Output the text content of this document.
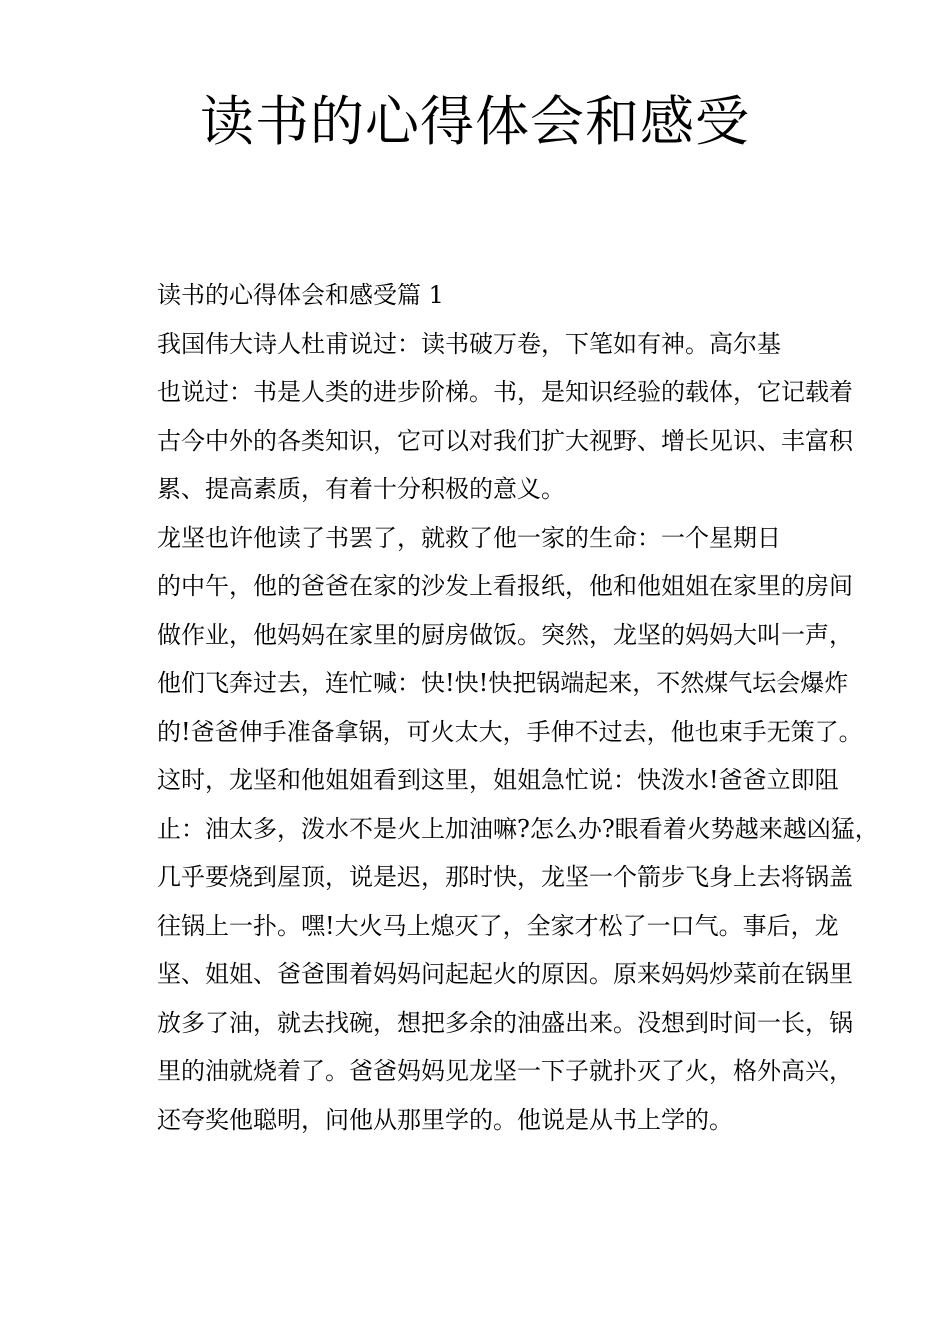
读书的心得体会和感受

读书的心得体会和感受篇 1

我国伟大诗人杜甫说过：读书破万卷，下笔如有神。高尔基
也说过：书是人类的进步阶梯。书，是知识经验的载体，它记载着
古今中外的各类知识，它可以对我们扩大视野、增长见识、丰富积
累、提高素质，有着十分积极的意义。

龙坚也许他读了书罢了，就救了他一家的生命：一个星期日
的中午，他的爸爸在家的沙发上看报纸，他和他姐姐在家里的房间
做作业，他妈妈在家里的厨房做饭。突然，龙坚的妈妈大叫一声，
他们飞奔过去，连忙喊：快!快!快把锅端起来，不然煤气坛会爆炸
的!爸爸伸手准备拿锅，可火太大，手伸不过去，他也束手无策了。
这时，龙坚和他姐姐看到这里，姐姐急忙说：快泼水!爸爸立即阻
止：油太多，泼水不是火上加油嘛?怎么办?眼看着火势越来越凶猛，
几乎要烧到屋顶，说是迟，那时快，龙坚一个箭步飞身上去将锅盖
往锅上一扑。嘿!大火马上熄灭了，全家才松了一口气。事后，龙
坚、姐姐、爸爸围着妈妈问起起火的原因。原来妈妈炒菜前在锅里
放多了油，就去找碗，想把多余的油盛出来。没想到时间一长，锅
里的油就烧着了。爸爸妈妈见龙坚一下子就扑灭了火，格外高兴，
还夸奖他聪明，问他从那里学的。他说是从书上学的。
